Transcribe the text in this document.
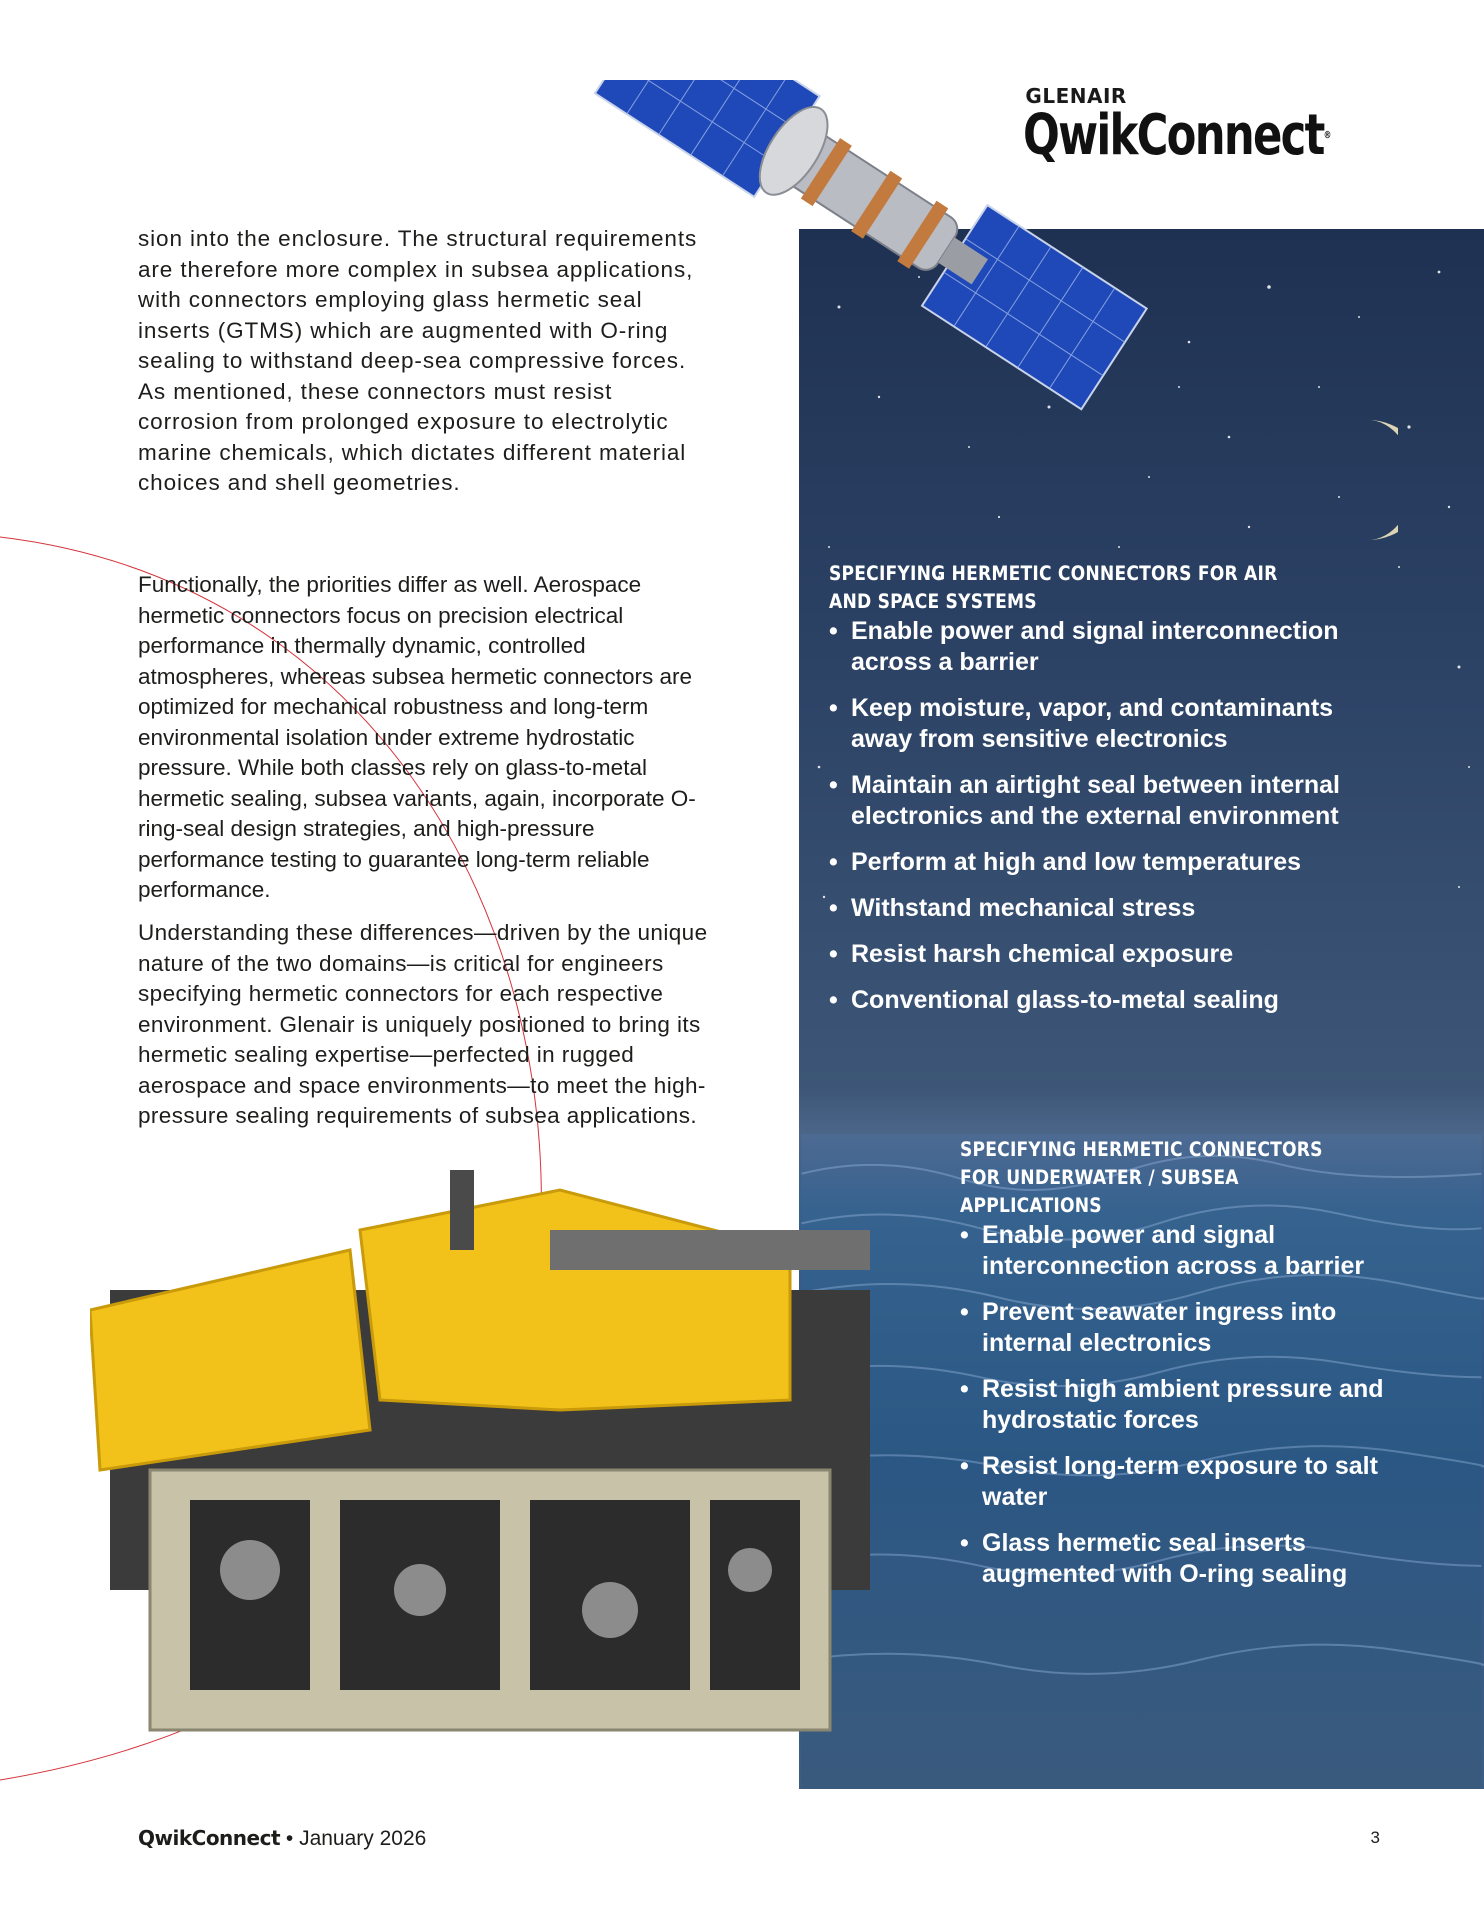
GLENAIR
QwikConnect®
sion into the enclosure. The structural requirements are therefore more complex in subsea applications, with connectors employing glass hermetic seal inserts (GTMS) which are augmented with O-ring sealing to withstand deep-sea compressive forces. As mentioned, these connectors must resist corrosion from prolonged exposure to electrolytic marine chemicals, which dictates different material choices and shell geometries.
Functionally, the priorities differ as well. Aerospace hermetic connectors focus on precision electrical performance in thermally dynamic, controlled atmospheres, whereas subsea hermetic connectors are optimized for mechanical robustness and long-term environmental isolation under extreme hydrostatic pressure. While both classes rely on glass-to-metal hermetic sealing, subsea variants, again, incorporate O-ring-seal design strategies, and high-pressure performance testing to guarantee long-term reliable performance.
Understanding these differences—driven by the unique nature of the two domains—is critical for engineers specifying hermetic connectors for each respective environment. Glenair is uniquely positioned to bring its hermetic sealing expertise—perfected in rugged aerospace and space environments—to meet the high-pressure sealing requirements of subsea applications.
SPECIFYING HERMETIC CONNECTORS FOR AIR AND SPACE SYSTEMS
• Enable power and signal interconnection across a barrier
• Keep moisture, vapor, and contaminants away from sensitive electronics
• Maintain an airtight seal between internal electronics and the external environment
• Perform at high and low temperatures
• Withstand mechanical stress
• Resist harsh chemical exposure
• Conventional glass-to-metal sealing
SPECIFYING HERMETIC CONNECTORS FOR UNDERWATER / SUBSEA APPLICATIONS
• Enable power and signal interconnection across a barrier
• Prevent seawater ingress into internal electronics
• Resist high ambient pressure and hydrostatic forces
• Resist long-term exposure to salt water
• Glass hermetic seal inserts augmented with O-ring sealing
QwikConnect • January 2026	3
